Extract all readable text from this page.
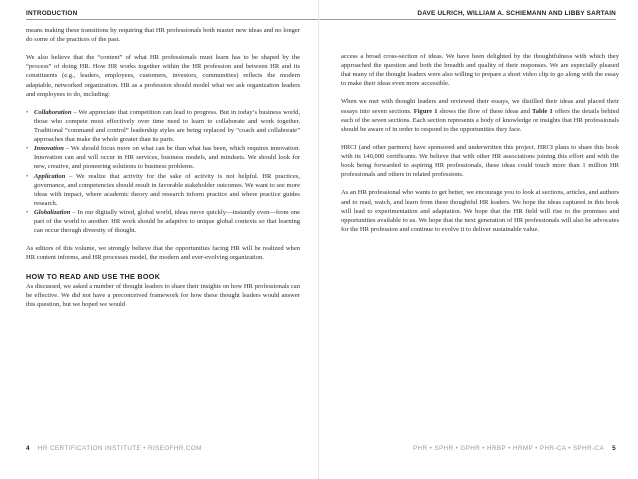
INTRODUCTION

means making these transitions by requiring that HR professionals both master new ideas and no longer do some of the practices of the past.

We also believe that the “content” of what HR professionals must learn has to be shaped by the “process” of doing HR. How HR works together within the HR profession and between HR and its constituents (e.g., leaders, employees, customers, investors, communities) reflects the modern adaptable, networked organization. HR as a profession should model what we ask organization leaders and employees to do, including:

• Collaboration – We appreciate that competition can lead to progress. But in today’s business world, those who compete most effectively over time need to learn to collaborate and work together. Traditional “command and control” leadership styles are being replaced by “coach and collaborate” approaches that make the whole greater than its parts.
• Innovation – We should focus more on what can be than what has been, which requires innovation. Innovation can and will occur in HR services, business models, and mindsets. We should look for new, creative, and pioneering solutions to business problems.
• Application – We realize that activity for the sake of activity is not helpful. HR practices, governance, and competencies should result in favorable stakeholder outcomes. We want to see more ideas with impact, where academic theory and research inform practice and where practice guides research.
• Globalization – In our digitally wired, global world, ideas move quickly—instantly even—from one part of the world to another. HR work should be adaptive to unique global contexts so that learning can occur through diversity of thought.

As editors of this volume, we strongly believe that the opportunities facing HR will be realized when HR content informs, and HR processes model, the modern and ever-evolving organization.

HOW TO READ AND USE THE BOOK

As discussed, we asked a number of thought leaders to share their insights on how HR professionals can be effective. We did not have a preconceived framework for how these thought leaders would answer this question, but we hoped we would

4 HR CERTIFICATION INSTITUTE • RISEOFHR.COM
DAVE ULRICH, WILLIAM A. SCHIEMANN AND LIBBY SARTAIN

access a broad cross-section of ideas. We have been delighted by the thoughtfulness with which they approached the question and both the breadth and quality of their responses. We are especially pleased that many of the thought leaders were also willing to prepare a short video clip to go along with the essay to make their ideas even more accessible.

When we met with thought leaders and reviewed their essays, we distilled their ideas and placed their essays into seven sections. Figure 1 shows the flow of these ideas and Table 1 offers the details behind each of the seven sections. Each section represents a body of knowledge or insights that HR professionals should be aware of in order to respond to the opportunities they face.

HRCI (and other partners) have sponsored and underwritten this project. HRCI plans to share this book with its 140,000 certificants. We believe that with other HR associations joining this effort and with the book being forwarded to aspiring HR professionals, these ideas could touch more than 1 million HR professionals and others in related professions.

As an HR professional who wants to get better, we encourage you to look at sections, articles, and authors and to read, watch, and learn from these thoughtful HR leaders. We hope the ideas captured in this book will lead to experimentation and adaptation. We hope that the HR field will rise to the promises and opportunities available to us. We hope that the next generation of HR professionals will also be advocates for the HR profession and continue to evolve it to deliver sustainable value.

PHR • SPHR • GPHR • HRBP • HRMP • PHR-CA • SPHR-CA 5
